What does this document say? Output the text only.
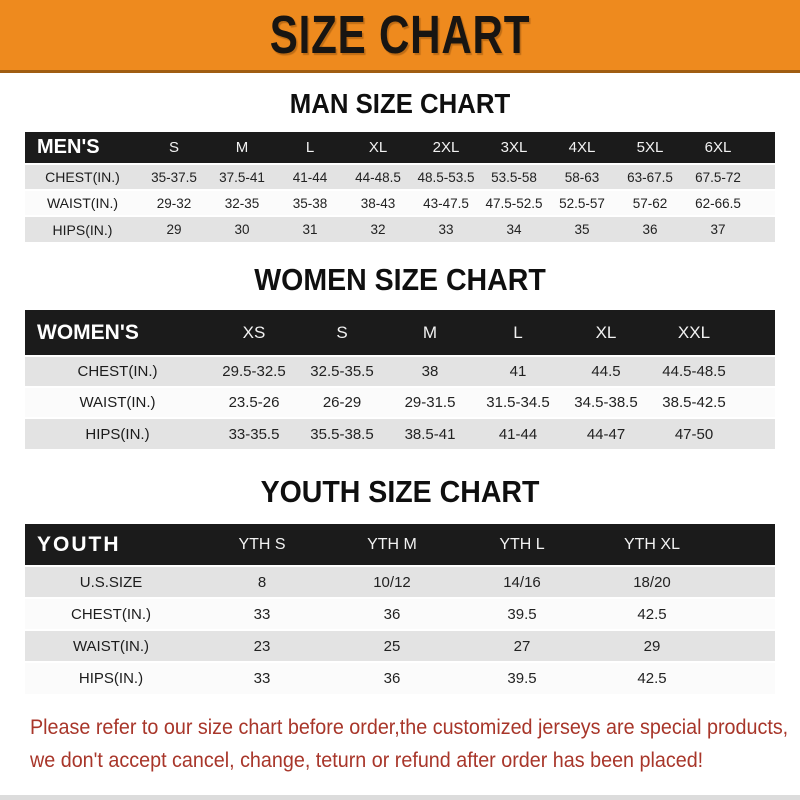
SIZE CHART
MAN SIZE CHART
MEN'S	S	M	L	XL	2XL	3XL	4XL	5XL	6XL	
CHEST(IN.)	35-37.5	37.5-41	41-44	44-48.5	48.5-53.5	53.5-58	58-63	63-67.5	67.5-72	
WAIST(IN.)	29-32	32-35	35-38	38-43	43-47.5	47.5-52.5	52.5-57	57-62	62-66.5	
HIPS(IN.)	29	30	31	32	33	34	35	36	37	
WOMEN SIZE CHART
WOMEN'S	XS	S	M	L	XL	XXL	
CHEST(IN.)	29.5-32.5	32.5-35.5	38	41	44.5	44.5-48.5	
WAIST(IN.)	23.5-26	26-29	29-31.5	31.5-34.5	34.5-38.5	38.5-42.5	
HIPS(IN.)	33-35.5	35.5-38.5	38.5-41	41-44	44-47	47-50	
YOUTH SIZE CHART
YOUTH	YTH S	YTH M	YTH L	YTH XL	
U.S.SIZE	8	10/12	14/16	18/20	
CHEST(IN.)	33	36	39.5	42.5	
WAIST(IN.)	23	25	27	29	
HIPS(IN.)	33	36	39.5	42.5	

Please refer to our size chart before order,the customized jerseys are special products,

we don't accept cancel, change, teturn or refund after order has been placed!
